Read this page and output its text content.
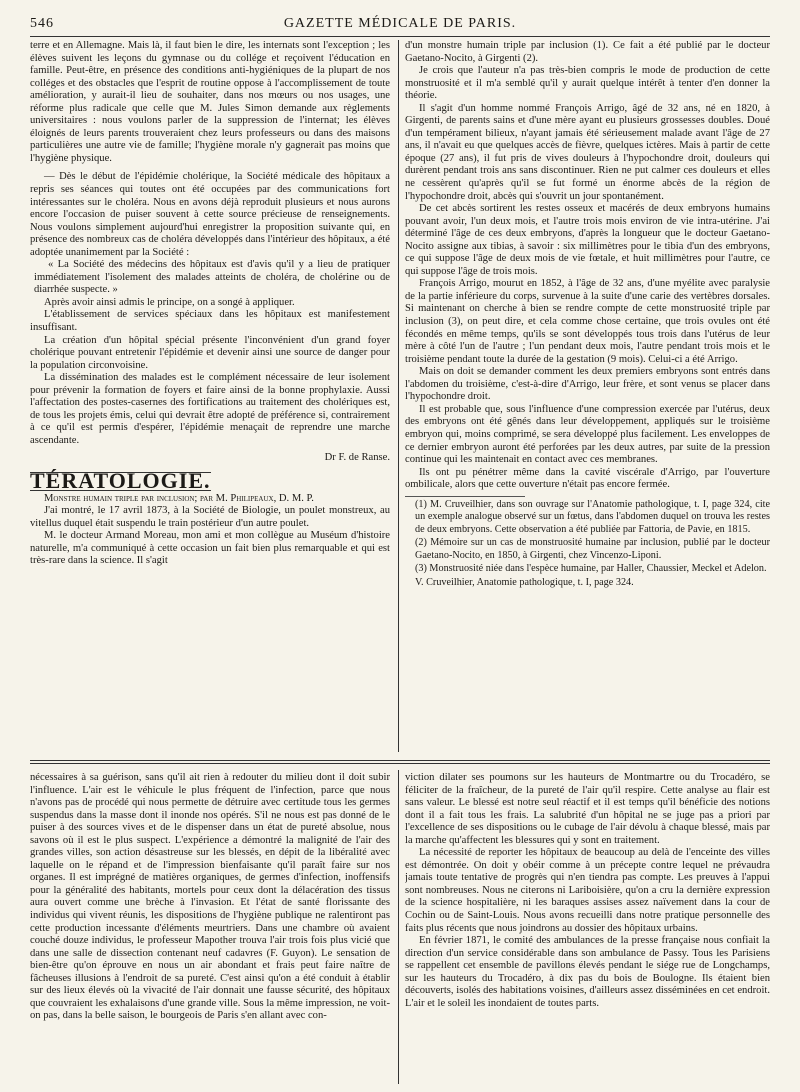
546	GAZETTE MÉDICALE DE PARIS.

terre et en Allemagne. Mais là, il faut bien le dire, les internats sont l'exception ; les élèves suivent les leçons du gymnase ou du collége et reçoivent l'éducation en famille. Peut-être, en présence des conditions anti-hygiéniques de la plupart de nos colléges et des obstacles que l'esprit de routine oppose à l'accomplissement de toute amélioration, y aurait-il lieu de souhaiter, dans nos mœurs ou nos usages, une réforme plus radicale que celle que M. Jules Simon demande aux règlements universitaires : nous voulons parler de la suppression de l'internat; les élèves éloignés de leurs parents trouveraient chez leurs professeurs ou dans des maisons particulières une autre vie de famille; l'hygiène morale n'y gagnerait pas moins que l'hygiène physique.

— Dès le début de l'épidémie cholérique, la Société médicale des hôpitaux a repris ses séances qui toutes ont été occupées par des communications fort intéressantes sur le choléra. Nous en avons déjà reproduit plusieurs et nous aurons encore l'occasion de puiser souvent à cette source précieuse de renseignements. Nous voulons simplement aujourd'hui enregistrer la proposition suivante qui, en présence des nombreux cas de choléra développés dans l'intérieur des hôpitaux, a été adoptée unanimement par la Société :

« La Société des médecins des hôpitaux est d'avis qu'il y a lieu de pratiquer immédiatement l'isolement des malades atteints de choléra, de cholérine ou de diarrhée suspecte. »

Après avoir ainsi admis le principe, on a songé à appliquer.

L'établissement de services spéciaux dans les hôpitaux est manifestement insuffisant.

La création d'un hôpital spécial présente l'inconvénient d'un grand foyer cholérique pouvant entretenir l'épidémie et devenir ainsi une source de danger pour la population circonvoisine.

La dissémination des malades est le complément nécessaire de leur isolement pour prévenir la formation de foyers et faire ainsi de la bonne prophylaxie. Aussi l'affectation des postes-casernes des fortifications au traitement des cholériques est, de tous les projets émis, celui qui devrait être adopté de préférence si, contrairement à ce qu'il est permis d'espérer, l'épidémie menaçait de reprendre une marche ascendante.

Dr F. de Ranse.

TÉRATOLOGIE.

Monstre humain triple par inclusion; par M. Philipeaux, D. M. P.

J'ai montré, le 17 avril 1873, à la Société de Biologie, un poulet monstreux, au vitellus duquel était suspendu le train postérieur d'un autre poulet.

M. le docteur Armand Moreau, mon ami et mon collègue au Muséum d'histoire naturelle, m'a communiqué à cette occasion un fait bien plus remarquable et qui est très-rare dans la science. Il s'agit

d'un monstre humain triple par inclusion (1). Ce fait a été publié par le docteur Gaetano-Nocito, à Girgenti (2).

Je crois que l'auteur n'a pas très-bien compris le mode de production de cette monstruosité et il m'a semblé qu'il y aurait quelque intérêt à tenter d'en donner la théorie.

Il s'agit d'un homme nommé François Arrigo, âgé de 32 ans, né en 1820, à Girgenti, de parents sains et d'une mère ayant eu plusieurs grossesses doubles. Doué d'un tempérament bilieux, n'ayant jamais été sérieusement malade avant l'âge de 27 ans, il n'avait eu que quelques accès de fièvre, quelques ictères. Mais à partir de cette époque (27 ans), il fut pris de vives douleurs à l'hypochondre droit, douleurs qui durèrent pendant trois ans sans discontinuer. Rien ne put calmer ces douleurs et elles ne cessèrent qu'après qu'il se fut formé un énorme abcès de la région de l'hypochondre droit, abcès qui s'ouvrit un jour spontanément.

De cet abcès sortirent les restes osseux et macérés de deux embryons humains pouvant avoir, l'un deux mois, et l'autre trois mois environ de vie intra-utérine. J'ai déterminé l'âge de ces deux embryons, d'après la longueur que le docteur Gaetano-Nocito assigne aux tibias, à savoir : six millimètres pour le tibia d'un des embryons, ce qui suppose l'âge de deux mois de vie fœtale, et huit millimètres pour l'autre, ce qui suppose l'âge de trois mois.

François Arrigo, mourut en 1852, à l'âge de 32 ans, d'une myélite avec paralysie de la partie inférieure du corps, survenue à la suite d'une carie des vertèbres dorsales. Si maintenant on cherche à bien se rendre compte de cette monstruosité triple par inclusion (3), on peut dire, et cela comme chose certaine, que trois ovules ont été fécondés en même temps, qu'ils se sont développés tous trois dans l'utérus de leur mère à côté l'un de l'autre ; l'un pendant deux mois, l'autre pendant trois mois et le troisième pendant toute la durée de la gestation (9 mois). Celui-ci a été Arrigo.

Mais on doit se demander comment les deux premiers embryons sont entrés dans l'abdomen du troisième, c'est-à-dire d'Arrigo, leur frère, et sont venus se placer dans l'hypochondre droit.

Il est probable que, sous l'influence d'une compression exercée par l'utérus, deux des embryons ont été gênés dans leur développement, appliqués sur le troisième embryon qui, moins comprimé, se sera développé plus facilement. Les enveloppes de ce dernier embryon auront été perforées par les deux autres, par suite de la pression continue qui les maintenait en contact avec ces membranes.

Ils ont pu pénétrer même dans la cavité viscérale d'Arrigo, par l'ouverture ombilicale, alors que cette ouverture n'était pas encore fermée.

(1) M. Cruveilhier, dans son ouvrage sur l'Anatomie pathologique, t. I, page 324, cite un exemple analogue observé sur un fœtus, dans l'abdomen duquel on trouva les restes de deux embryons. Cette observation a été publiée par Fattoria, de Pavie, en 1815.

(2) Mémoire sur un cas de monstruosité humaine par inclusion, publié par le docteur Gaetano-Nocito, en 1850, à Girgenti, chez Vincenzo-Liponi.

(3) Monstruosité niée dans l'espèce humaine, par Haller, Chaussier, Meckel et Adelon.

V. Cruveilhier, Anatomie pathologique, t. I, page 324.

nécessaires à sa guérison, sans qu'il ait rien à redouter du milieu dont il doit subir l'influence. L'air est le véhicule le plus fréquent de l'infection, parce que nous n'avons pas de procédé qui nous permette de détruire avec certitude tous les germes suspendus dans la masse dont il inonde nos opérés. S'il ne nous est pas donné de le puiser à des sources vives et de le dispenser dans un état de pureté absolue, nous savons où il est le plus suspect. L'expérience a démontré la malignité de l'air des grandes villes, son action désastreuse sur les blessés, en dépit de la libéralité avec laquelle on le répand et de l'impression bienfaisante qu'il paraît faire sur nos organes. Il est imprégné de matières organiques, de germes d'infection, inoffensifs pour la généralité des habitants, mortels pour ceux dont la délacération des tissus aura ouvert comme une brèche à l'invasion. Et l'état de santé florissante des individus qui vivent réunis, les dispositions de l'hygiène publique ne ralentiront pas cette production incessante d'éléments meurtriers. Dans une chambre où avaient couché douze individus, le professeur Mapother trouva l'air trois fois plus vicié que dans une salle de dissection contenant neuf cadavres (F. Guyon). Le sensation de bien-être qu'on éprouve en nous un air abondant et frais peut faire naître de fâcheuses illusions à l'endroit de sa pureté. C'est ainsi qu'on a été conduit à établir sur des lieux élevés où la vivacité de l'air donnait une fausse sécurité, des hôpitaux que couvraient les exhalaisons d'une grande ville. Sous la même impression, ne voit-on pas, dans la belle saison, le bourgeois de Paris s'en allant avec con-

viction dilater ses poumons sur les hauteurs de Montmartre ou du Trocadéro, se féliciter de la fraîcheur, de la pureté de l'air qu'il respire. Cette analyse au flair est sans valeur. Le blessé est notre seul réactif et il est temps qu'il bénéficie des notions dont il a fait tous les frais. La salubrité d'un hôpital ne se juge pas a priori par l'excellence de ses dispositions ou le cubage de l'air dévolu à chaque blessé, mais par la marche qu'affectent les blessures qui y sont en traitement.

La nécessité de reporter les hôpitaux de beaucoup au delà de l'enceinte des villes est démontrée. On doit y obéir comme à un précepte contre lequel ne prévaudra jamais toute tentative de progrès qui n'en tiendra pas compte. Les preuves à l'appui sont nombreuses. Nous ne citerons ni Lariboisière, qu'on a cru la dernière expression de la science hospitalière, ni les baraques assises assez naïvement dans la cour de Cochin ou de Saint-Louis. Nous avons recueilli dans notre pratique personnelle des faits plus récents que nous joindrons au dossier des hôpitaux urbains.

En février 1871, le comité des ambulances de la presse française nous confiait la direction d'un service considérable dans son ambulance de Passy. Tous les Parisiens se rappellent cet ensemble de pavillons élevés pendant le siége rue de Longchamps, sur les hauteurs du Trocadéro, à dix pas du bois de Boulogne. Ils étaient bien découverts, isolés des habitations voisines, d'ailleurs assez disséminées en cet endroit. L'air et le soleil les inondaient de toutes parts.
